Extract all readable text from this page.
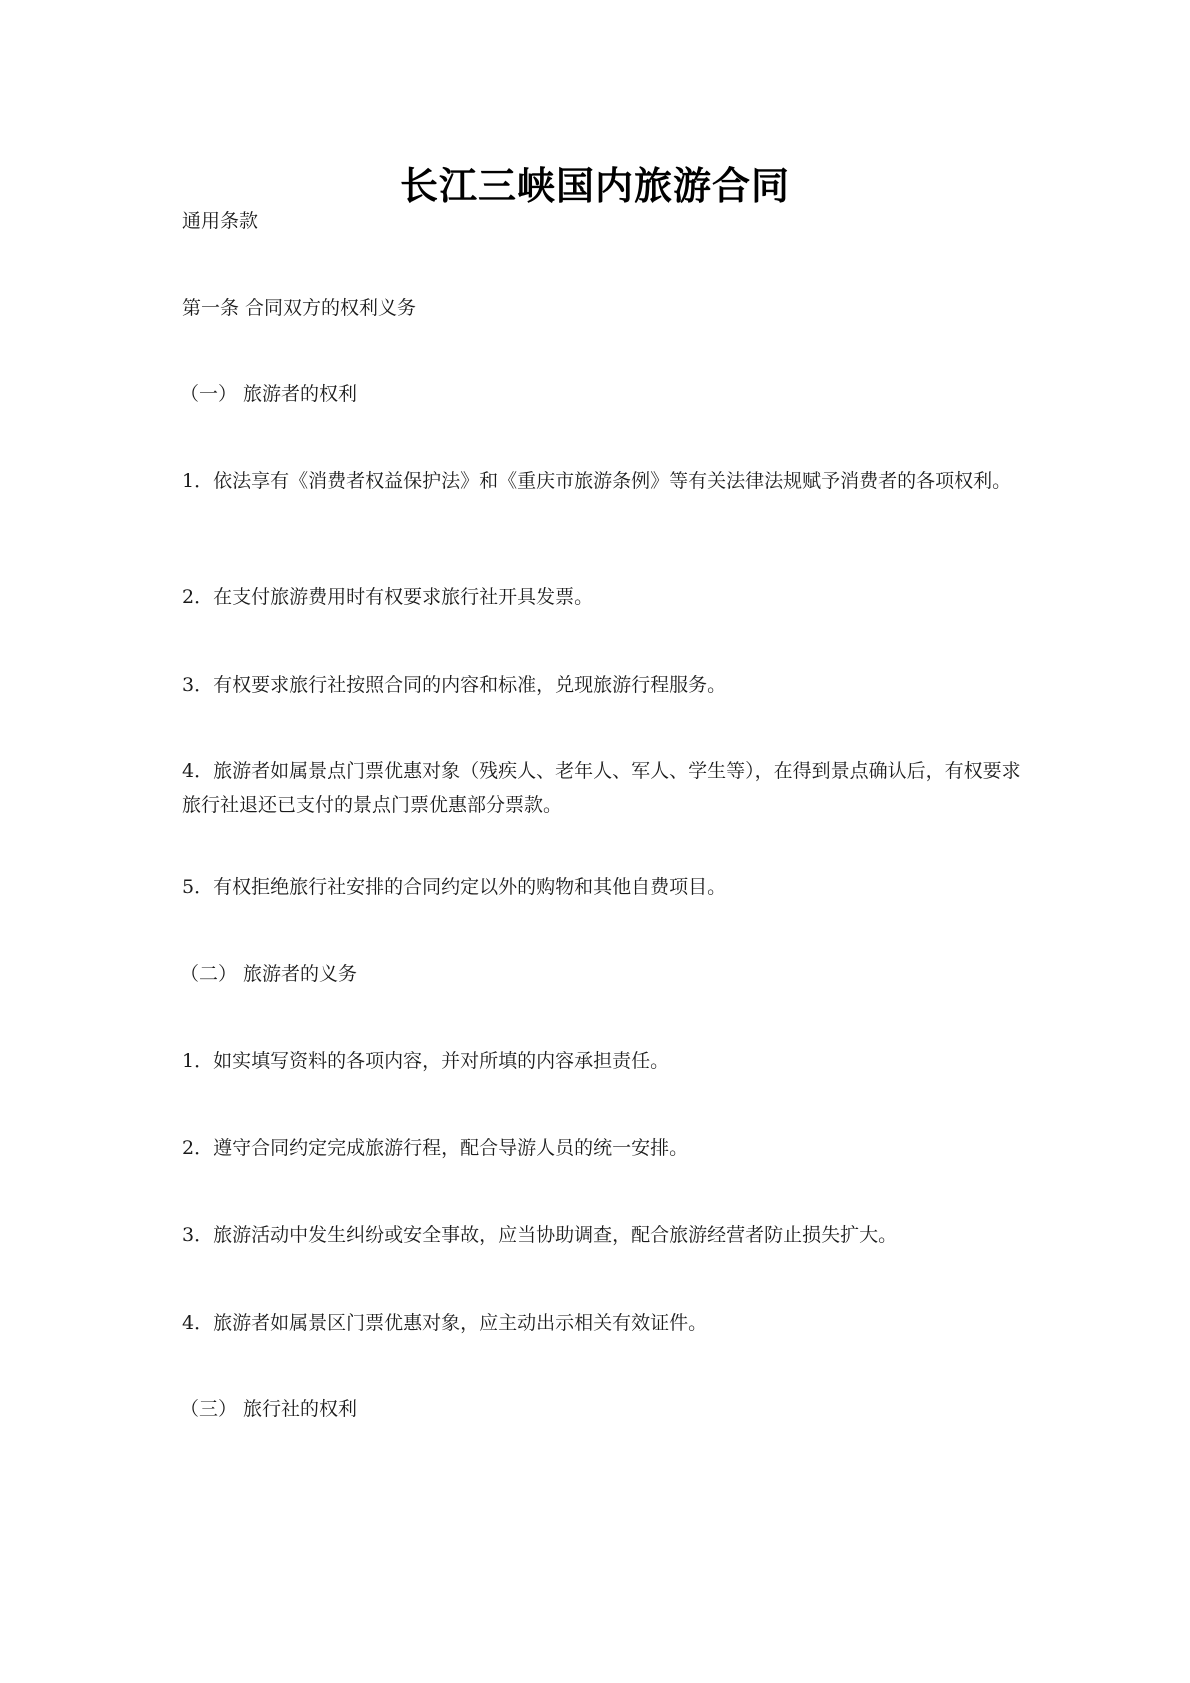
长江三峡国内旅游合同
通用条款
第一条 合同双方的权利义务
（一） 旅游者的权利
1．依法享有《消费者权益保护法》和《重庆市旅游条例》等有关法律法规赋予消费者的各项权利。
2．在支付旅游费用时有权要求旅行社开具发票。
3．有权要求旅行社按照合同的内容和标准，兑现旅游行程服务。
4．旅游者如属景点门票优惠对象（残疾人、老年人、军人、学生等），在得到景点确认后，有权要求旅行社退还已支付的景点门票优惠部分票款。
5．有权拒绝旅行社安排的合同约定以外的购物和其他自费项目。
（二） 旅游者的义务
1．如实填写资料的各项内容，并对所填的内容承担责任。
2．遵守合同约定完成旅游行程，配合导游人员的统一安排。
3．旅游活动中发生纠纷或安全事故，应当协助调查，配合旅游经营者防止损失扩大。
4．旅游者如属景区门票优惠对象，应主动出示相关有效证件。
（三） 旅行社的权利
